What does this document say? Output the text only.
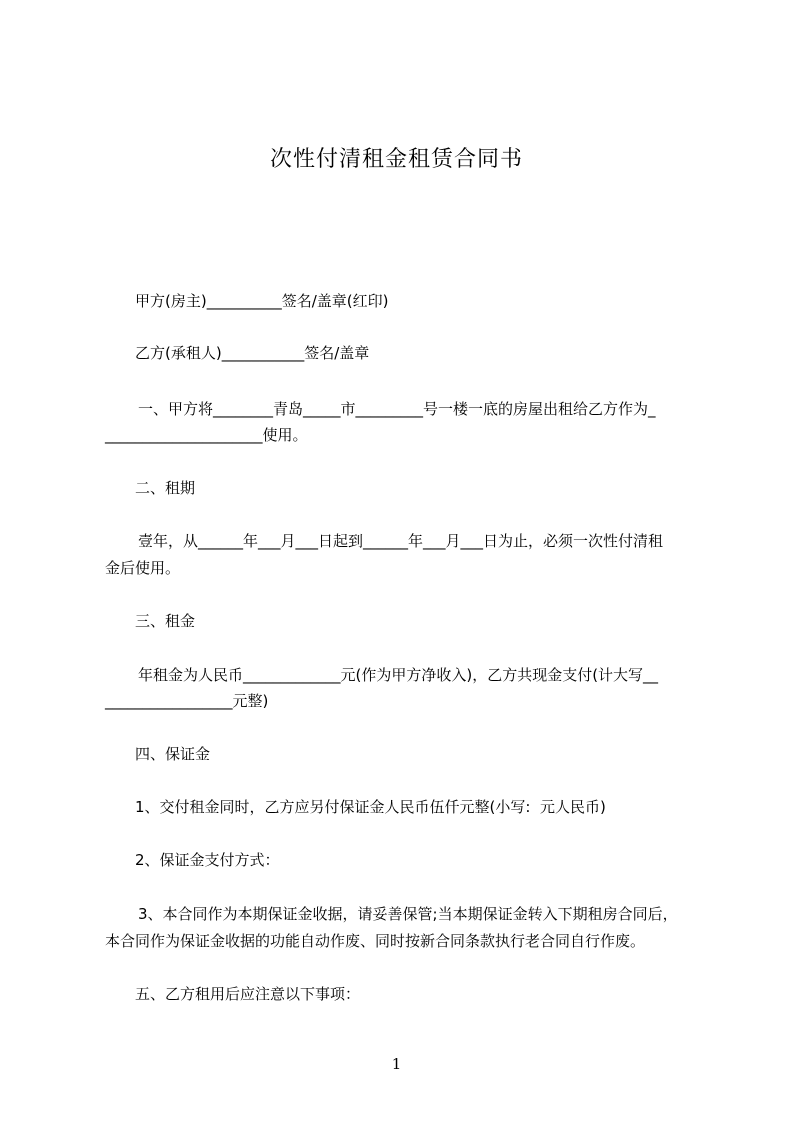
次性付清租金租赁合同书
甲方(房主)__________签名/盖章(红印)
乙方(承租人)___________签名/盖章
一、甲方将________青岛_____市_________号一楼一底的房屋出租给乙方作为_
_____________________使用。
二、租期
壹年，从______年___月___日起到______年___月___日为止，必须一次性付清租
金后使用。
三、租金
年租金为人民币_____________元(作为甲方净收入)，乙方共现金支付(计大写__
_________________元整)
四、保证金
1、交付租金同时，乙方应另付保证金人民币伍仟元整(小写:  元人民币)
2、保证金支付方式：
3、本合同作为本期保证金收据，请妥善保管;当本期保证金转入下期租房合同后，
本合同作为保证金收据的功能自动作废、同时按新合同条款执行老合同自行作废。
五、乙方租用后应注意以下事项：
1
